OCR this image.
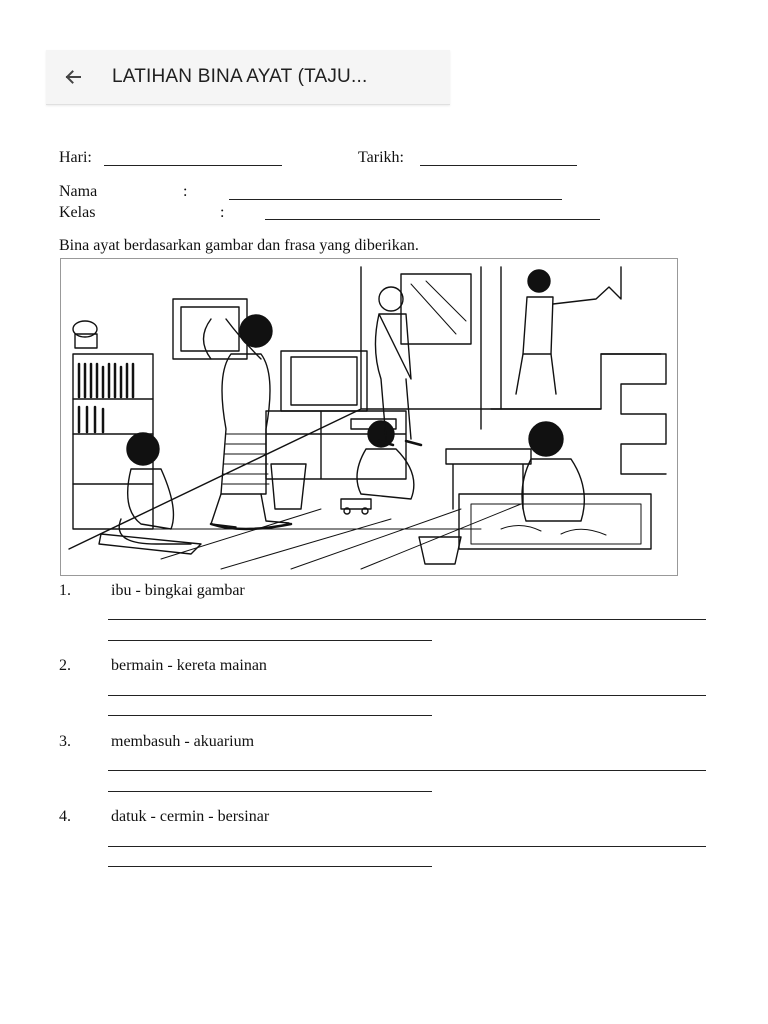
LATIHAN BINA AYAT (TAJU...
Hari:	Tarikh:
Nama	:
Kelas	:
Bina ayat berdasarkan gambar dan frasa yang diberikan.
1.	ibu - bingkai gambar
2.	bermain - kereta mainan
3.	membasuh - akuarium
4.	datuk - cermin - bersinar
